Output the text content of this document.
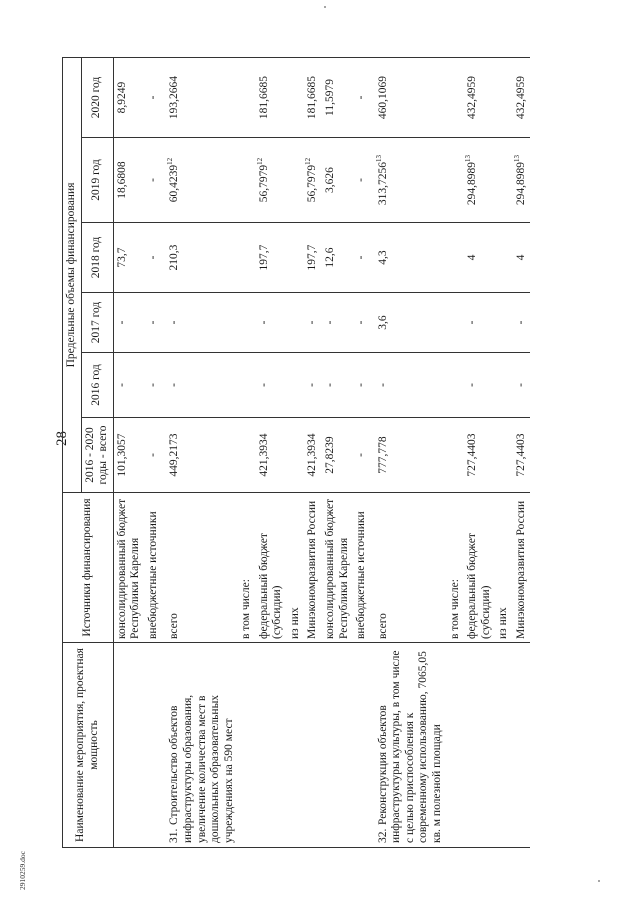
28
Наименование мероприятия, проектная мощность	Источники финансирования	Предельные объемы финансирования					
		2016 - 2020 годы - всего	2016 год	2017 год	2018 год	2019 год	2020 год
	консолидированный бюджет Республики Карелия	101,3057	-	-	73,7	18,6808	8,9249
	внебюджетные источники	-	-	-	-	-	-
31.Строительство объектов инфраструктуры образования, увеличение количества мест в дошкольных образовательных учреждениях на 590 мест	всего	449,2173	-	-	210,3	60,4239$^{12}$	193,2664
	в том числе:						
	федеральный бюджет (субсидии)	421,3934	-	-	197,7	56,7979$^{12}$	181,6685
	из них						
	Минэкономразвития России	421,3934	-	-	197,7	56,7979$^{12}$	181,6685
	консолидированный бюджет Республики Карелия	27,8239	-	-	12,6	3,626	11,5979
	внебюджетные источники	-	-	-	-	-	-
32.Реконструкция объектов инфраструктуры культуры, в том числе с целью приспособления к современному использованию, 7065,05 кв. м полезной площади	всего	777,778	-	3,6	4,3	313,7256$^{13}$	460,1069
	в том числе:						
	федеральный бюджет (субсидии)	727,4403	-	-	4	294,8989$^{13}$	432,4959
	из них						
	Минэкономразвития России	727,4403	-	-	4	294,8989$^{13}$	432,4959
2910259.doc
